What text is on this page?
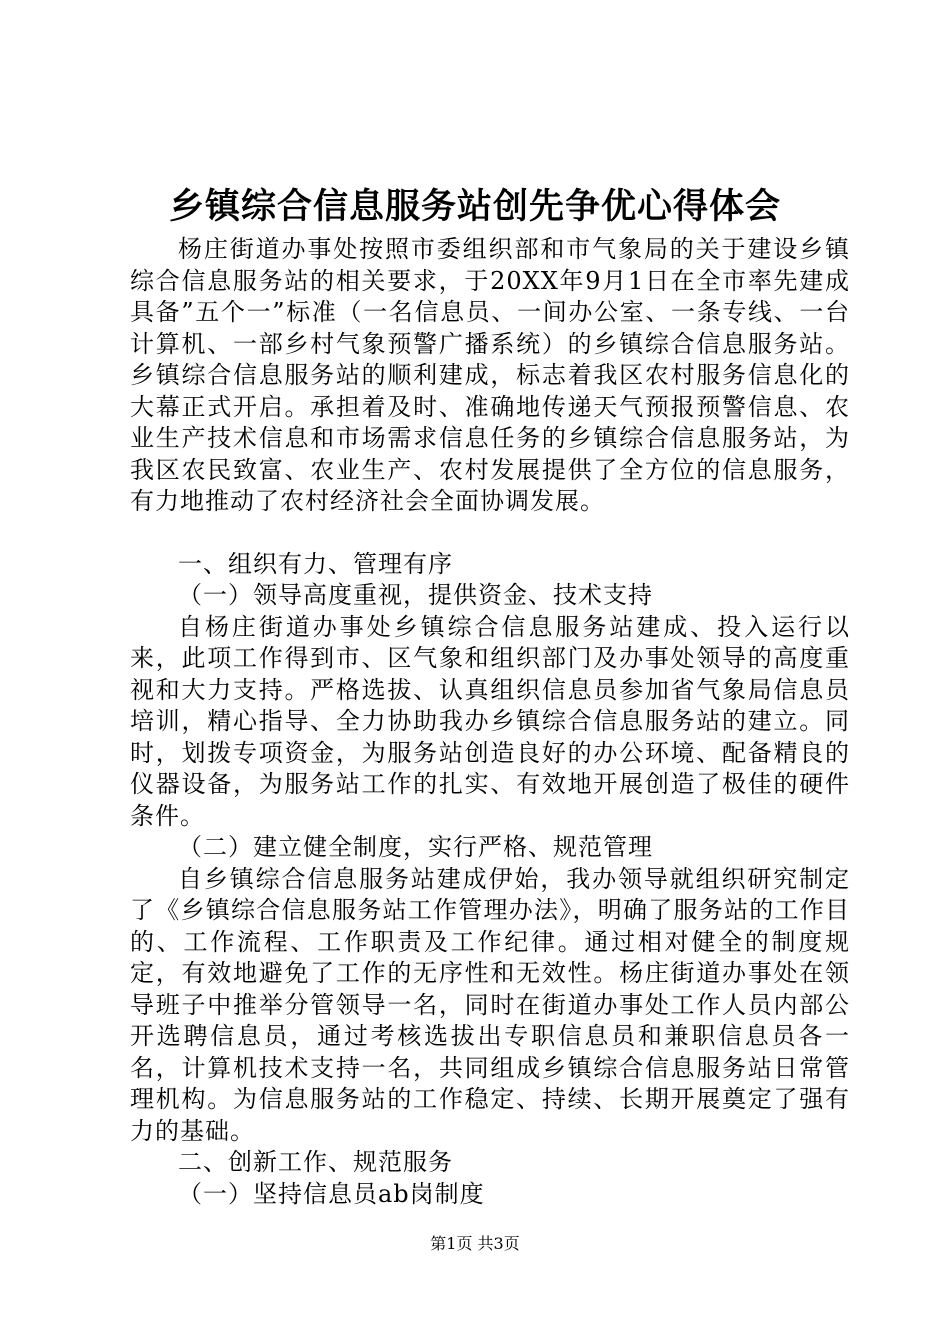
乡镇综合信息服务站创先争优心得体会

杨庄街道办事处按照市委组织部和市气象局的关于建设乡镇综合信息服务站的相关要求，于20XX年9月1日在全市率先建成具备”五个一”标准（一名信息员、一间办公室、一条专线、一台计算机、一部乡村气象预警广播系统）的乡镇综合信息服务站。乡镇综合信息服务站的顺利建成，标志着我区农村服务信息化的大幕正式开启。承担着及时、准确地传递天气预报预警信息、农业生产技术信息和市场需求信息任务的乡镇综合信息服务站，为我区农民致富、农业生产、农村发展提供了全方位的信息服务，有力地推动了农村经济社会全面协调发展。

一、组织有力、管理有序

（一）领导高度重视，提供资金、技术支持

自杨庄街道办事处乡镇综合信息服务站建成、投入运行以来，此项工作得到市、区气象和组织部门及办事处领导的高度重视和大力支持。严格选拔、认真组织信息员参加省气象局信息员培训，精心指导、全力协助我办乡镇综合信息服务站的建立。同时，划拨专项资金，为服务站创造良好的办公环境、配备精良的仪器设备，为服务站工作的扎实、有效地开展创造了极佳的硬件条件。

（二）建立健全制度，实行严格、规范管理

自乡镇综合信息服务站建成伊始，我办领导就组织研究制定了《乡镇综合信息服务站工作管理办法》，明确了服务站的工作目的、工作流程、工作职责及工作纪律。通过相对健全的制度规定，有效地避免了工作的无序性和无效性。杨庄街道办事处在领导班子中推举分管领导一名，同时在街道办事处工作人员内部公开选聘信息员，通过考核选拔出专职信息员和兼职信息员各一名，计算机技术支持一名，共同组成乡镇综合信息服务站日常管理机构。为信息服务站的工作稳定、持续、长期开展奠定了强有力的基础。

二、创新工作、规范服务

（一）坚持信息员ab岗制度

第1页 共3页
